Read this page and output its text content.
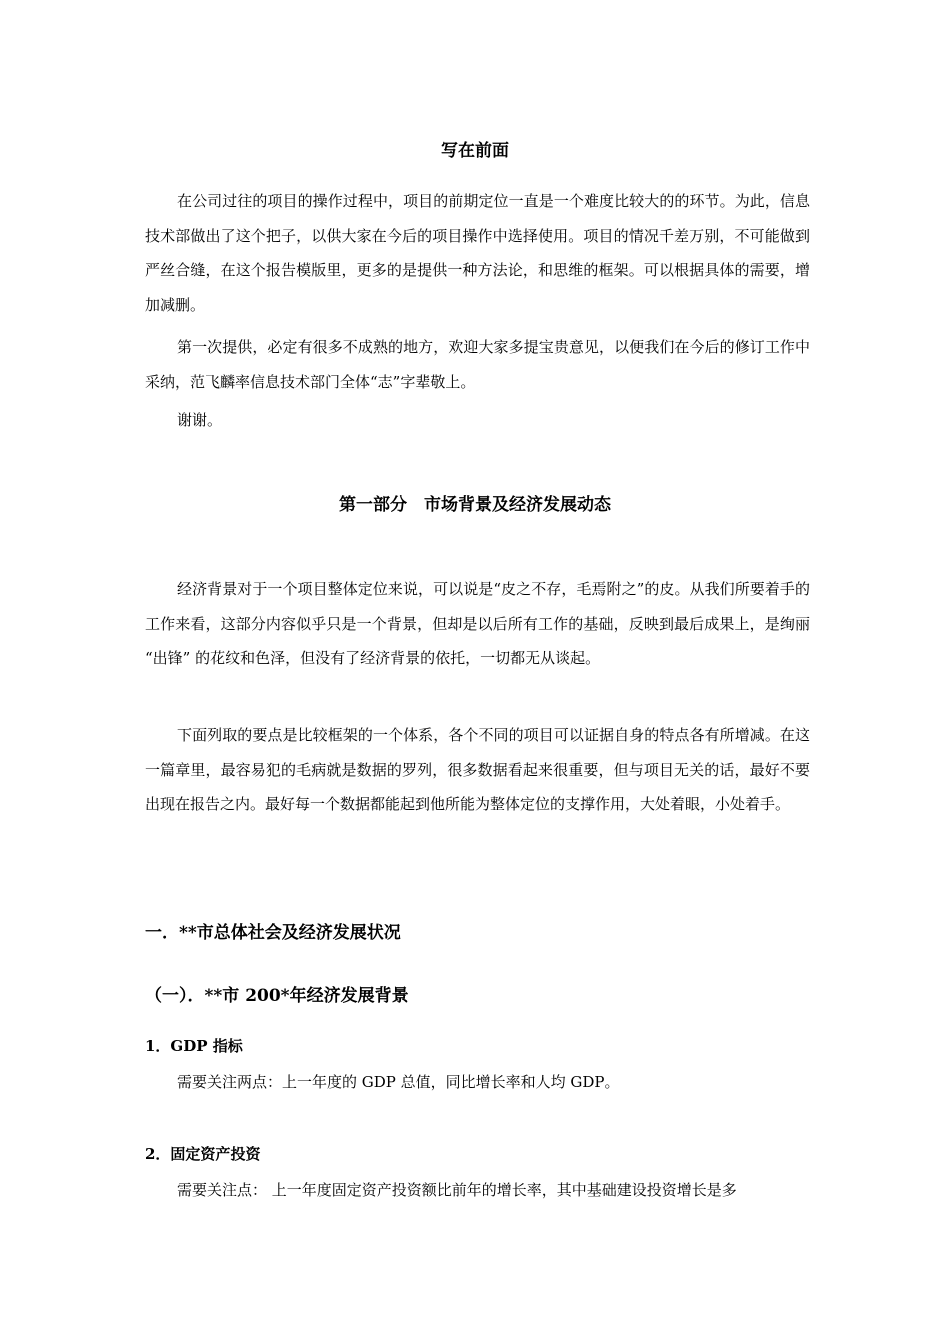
写在前面

在公司过往的项目的操作过程中，项目的前期定位一直是一个难度比较大的的环节。为此，信息技术部做出了这个把子，以供大家在今后的项目操作中选择使用。项目的情况千差万别，不可能做到严丝合缝，在这个报告模版里，更多的是提供一种方法论，和思维的框架。可以根据具体的需要，增加减删。

第一次提供，必定有很多不成熟的地方，欢迎大家多提宝贵意见，以便我们在今后的修订工作中采纳，范飞麟率信息技术部门全体“志”字辈敬上。

谢谢。

第一部分　市场背景及经济发展动态

经济背景对于一个项目整体定位来说，可以说是“皮之不存，毛焉附之”的皮。从我们所要着手的工作来看，这部分内容似乎只是一个背景，但却是以后所有工作的基础，反映到最后成果上，是绚丽 “出锋” 的花纹和色泽，但没有了经济背景的依托，一切都无从谈起。

下面列取的要点是比较框架的一个体系，各个不同的项目可以证据自身的特点各有所增减。在这一篇章里，最容易犯的毛病就是数据的罗列，很多数据看起来很重要，但与项目无关的话，最好不要出现在报告之内。最好每一个数据都能起到他所能为整体定位的支撑作用，大处着眼，小处着手。

一．**市总体社会及经济发展状况
（一）．**市 200*年经济发展背景
1．GDP 指标
需要关注两点：上一年度的 GDP 总值，同比增长率和人均 GDP。
2．固定资产投资
需要关注点： 上一年度固定资产投资额比前年的增长率，其中基础建设投资增长是多
